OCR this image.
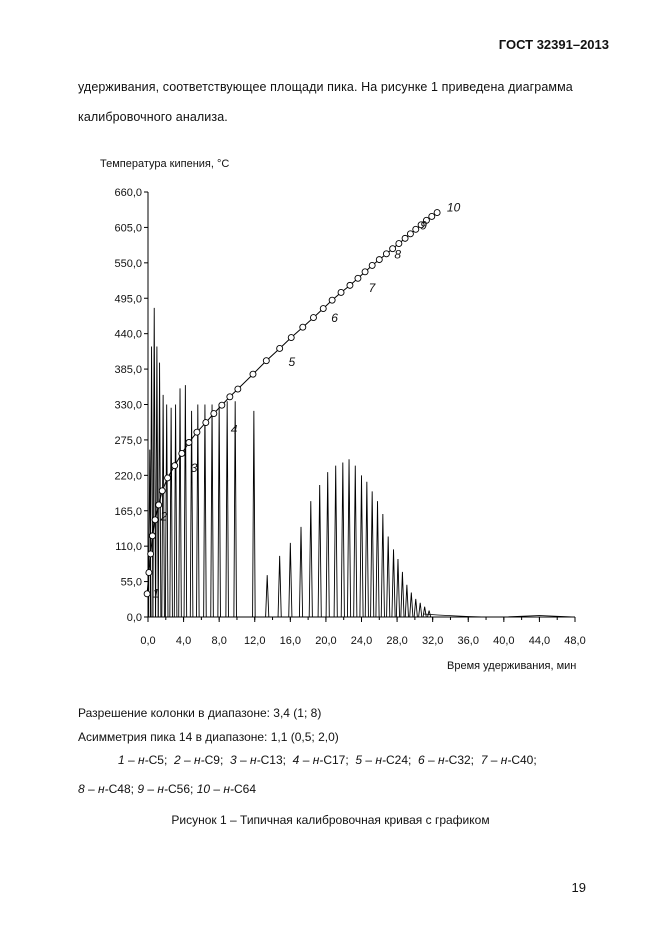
ГОСТ 32391–2013
удерживания, соответствующее площади пика. На рисунке 1 приведена диаграмма
калибровочного анализа.
Температура кипения, °C
Время удерживания, мин
0,0
55,0
110,0
165,0
220,0
275,0
330,0
385,0
440,0
495,0
550,0
605,0
660,0
0,0 4,0 8,0 12,0 16,0 20,0 24,0 28,0 32,0 36,0 40,0 44,0 48,0
1
2
3
4
5
6
7
8
9
10
Разрешение колонки в диапазоне: 3,4 (1; 8)
Асимметрия пика 14 в диапазоне: 1,1 (0,5; 2,0)
1 – н-С5; 2 – н-С9; 3 – н-С13; 4 – н-С17; 5 – н-С24; 6 – н-С32; 7 – н-С40;
8 – н-С48; 9 – н-С56; 10 – н-С64
Рисунок 1 – Типичная калибровочная кривая с графиком
19
